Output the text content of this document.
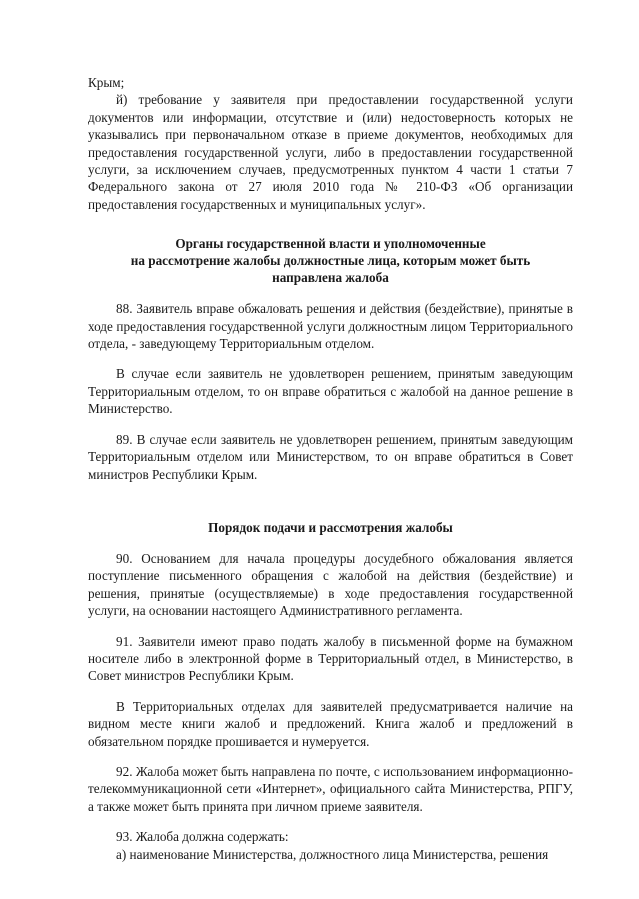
Крым;

й) требование у заявителя при предоставлении государственной услуги документов или информации, отсутствие и (или) недостоверность которых не указывались при первоначальном отказе в приеме документов, необходимых для предоставления государственной услуги, либо в предоставлении государственной услуги, за исключением случаев, предусмотренных пунктом 4 части 1 статьи 7 Федерального закона от 27 июля 2010 года № 210-ФЗ «Об организации предоставления государственных и муниципальных услуг».

Органы государственной власти и уполномоченные
на рассмотрение жалобы должностные лица, которым может быть
направлена жалоба

88. Заявитель вправе обжаловать решения и действия (бездействие), принятые в ходе предоставления государственной услуги должностным лицом Территориального отдела, - заведующему Территориальным отделом.

В случае если заявитель не удовлетворен решением, принятым заведующим Территориальным отделом, то он вправе обратиться с жалобой на данное решение в Министерство.

89. В случае если заявитель не удовлетворен решением, принятым заведующим Территориальным отделом или Министерством, то он вправе обратиться в Совет министров Республики Крым.

Порядок подачи и рассмотрения жалобы

90. Основанием для начала процедуры досудебного обжалования является поступление письменного обращения с жалобой на действия (бездействие) и решения, принятые (осуществляемые) в ходе предоставления государственной услуги, на основании настоящего Административного регламента.

91. Заявители имеют право подать жалобу в письменной форме на бумажном носителе либо в электронной форме в Территориальный отдел, в Министерство, в Совет министров Республики Крым.

В Территориальных отделах для заявителей предусматривается наличие на видном месте книги жалоб и предложений. Книга жалоб и предложений в обязательном порядке прошивается и нумеруется.

92. Жалоба может быть направлена по почте, с использованием информационно-телекоммуникационной сети «Интернет», официального сайта Министерства, РПГУ, а также может быть принята при личном приеме заявителя.

93. Жалоба должна содержать:

а) наименование Министерства, должностного лица Министерства, решения
